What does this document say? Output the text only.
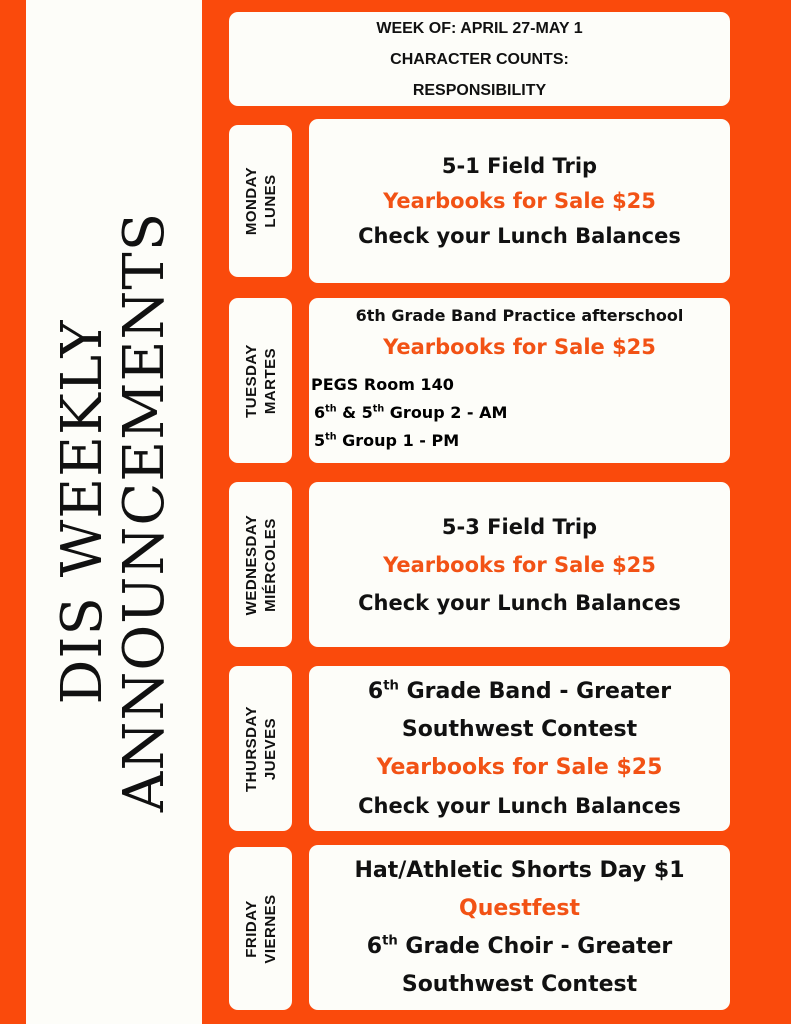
DIS WEEKLY
ANNOUNCEMENTS
WEEK OF: APRIL 27-MAY 1
CHARACTER COUNTS:
RESPONSIBILITY
MONDAY LUNES
5-1 Field Trip
Yearbooks for Sale $25
Check your Lunch Balances
TUESDAY MARTES
6th Grade Band Practice afterschool
Yearbooks for Sale $25
PEGS Room 140
6th & 5th Group 2 - AM
5th Group 1 - PM
WEDNESDAY MIÉRCOLES	5-3 Field Trip
Yearbooks for Sale $25
Check your Lunch Balances
THURSDAY JUEVES
6th Grade Band - Greater
Southwest Contest
Yearbooks for Sale $25
Check your Lunch Balances
FRIDAY VIERNES
Hat/Athletic Shorts Day $1
Questfest
6th Grade Choir - Greater
Southwest Contest
